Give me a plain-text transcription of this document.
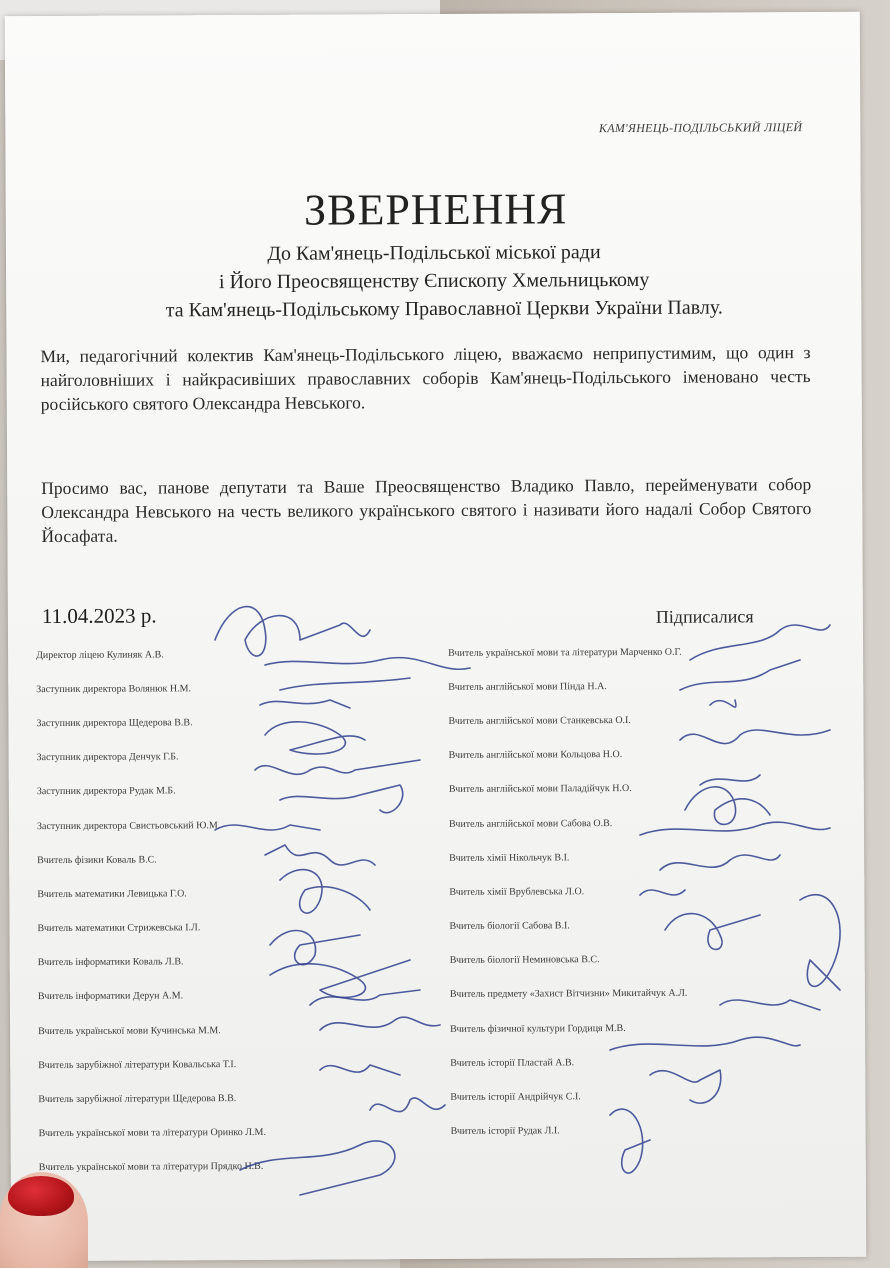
КАМ'ЯНЕЦЬ-ПОДІЛЬСЬКИЙ ЛІЦЕЙ
ЗВЕРНЕННЯ
До Кам'янець-Подільської міської ради
і Його Преосвященству Єпископу Хмельницькому
та Кам'янець-Подільському Православної Церкви України Павлу.
Ми, педагогічний колектив Кам'янець-Подільського ліцею, вважаємо неприпустимим, що один з найголовніших і найкрасивіших православних соборів Кам'янець-Подільського іменовано честь російського святого Олександра Невського.
Просимо вас, панове депутати та Ваше Преосвященство Владико Павло, перейменувати собор Олександра Невського на честь великого українського святого і називати його надалі Собор Святого Йосафата.
11.04.2023 р.	Підписалися
Директор ліцею Кулиняк А.В.
Заступник директора Волянюк Н.М.
Заступник директора Щедерова В.В.
Заступник директора Денчук Г.Б.
Заступник директора Рудак М.Б.
Заступник директора Свистьовський Ю.М.
Вчитель фізики Коваль В.С.
Вчитель математики Левицька Г.О.
Вчитель математики Стрижевська І.Л.
Вчитель інформатики Коваль Л.В.
Вчитель інформатики Дерун А.М.
Вчитель української мови Кучинська М.М.
Вчитель зарубіжної літератури Ковальська Т.І.
Вчитель зарубіжної літератури Щедерова В.В.
Вчитель української мови та літератури Оринко Л.М.
Вчитель української мови та літератури Прядко Н.В.
Вчитель української мови та літератури Марченко О.Г.
Вчитель англійської мови Пінда Н.А.
Вчитель англійської мови Станкевська О.І.
Вчитель англійської мови Кольцова Н.О.
Вчитель англійської мови Паладійчук Н.О.
Вчитель англійської мови Сабова О.В.
Вчитель хімії Нікольчук В.І.
Вчитель хімії Врублевська Л.О.
Вчитель біології Сабова В.І.
Вчитель біології Неминовська В.С.
Вчитель предмету «Захист Вітчизни» Микитайчук А.Л.
Вчитель фізичної культури Гордиця М.В.
Вчитель історії Пластай А.В.
Вчитель історії Андрійчук С.І.
Вчитель історії Рудак Л.І.
